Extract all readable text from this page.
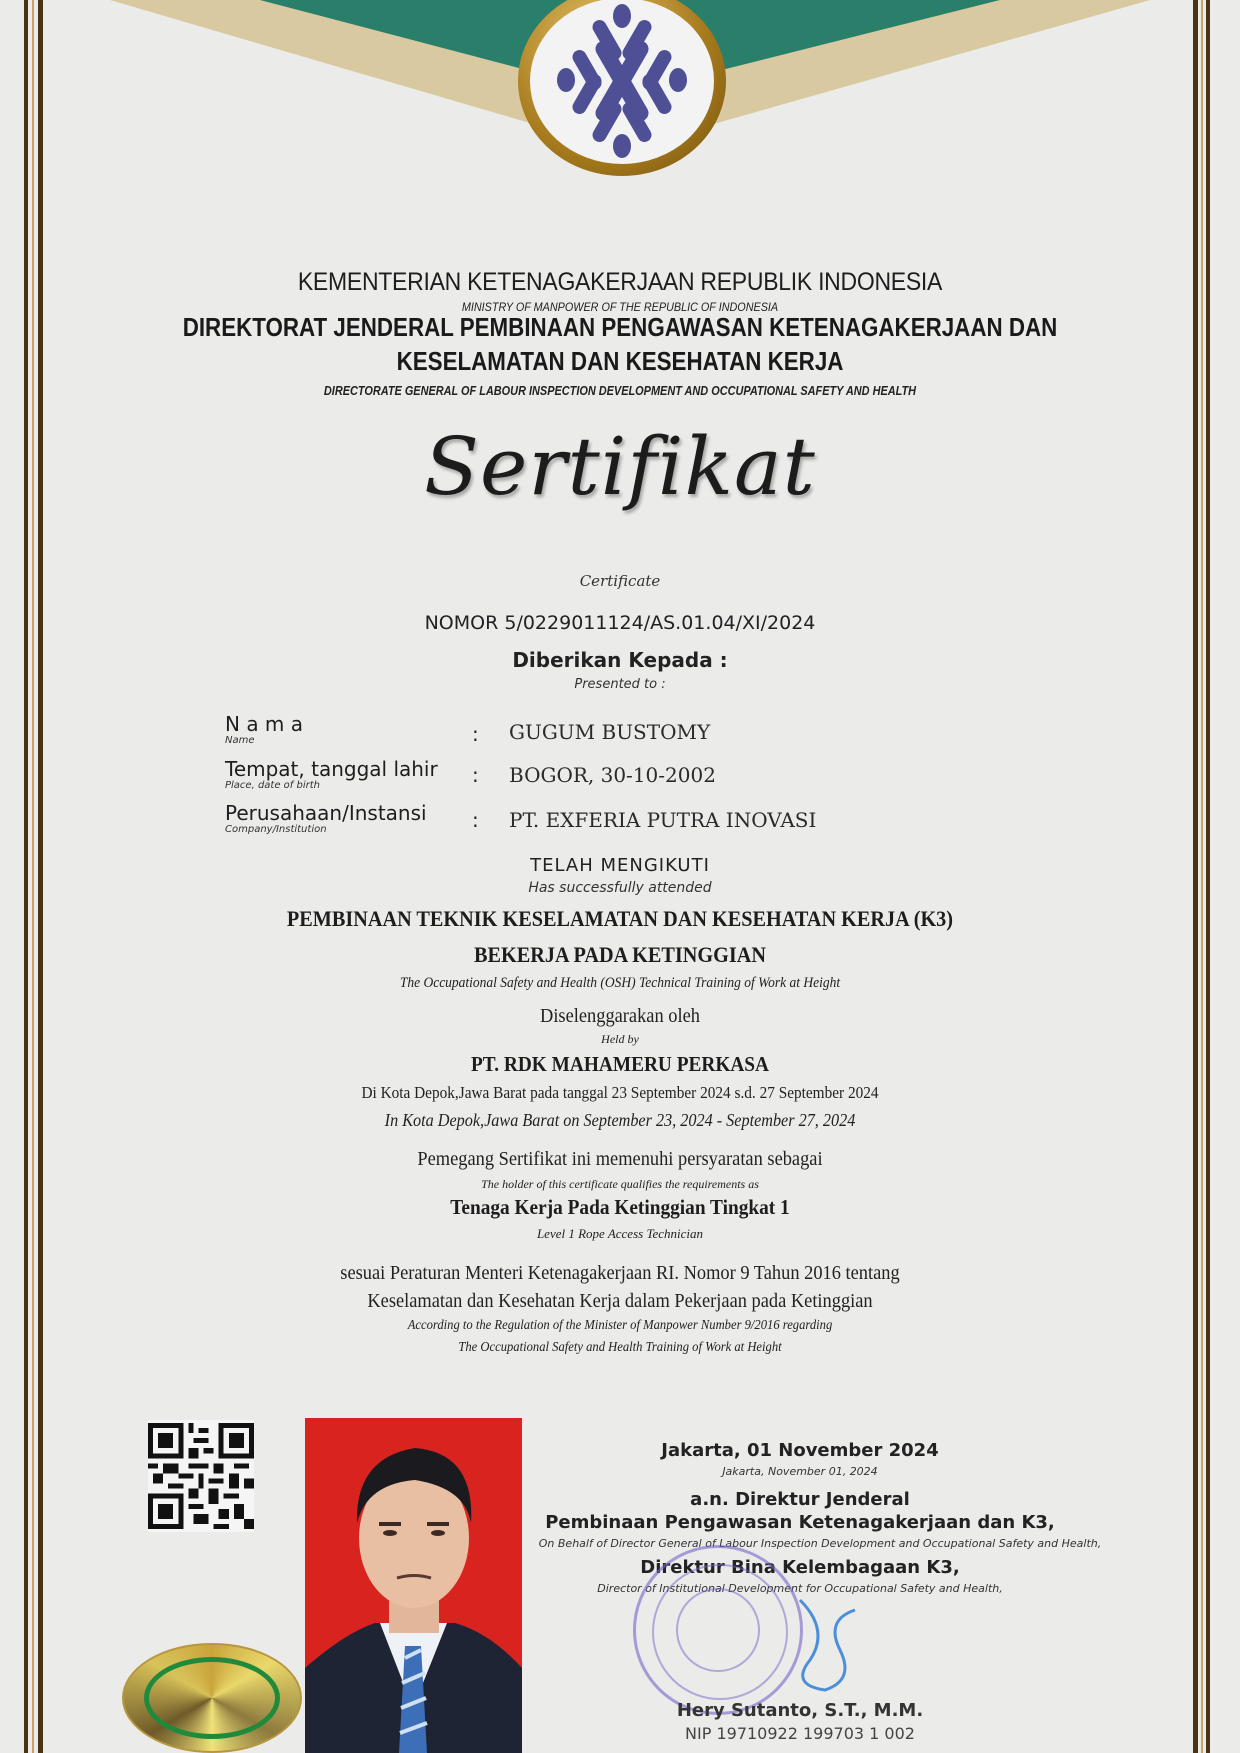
KEMENTERIAN KETENAGAKERJAAN REPUBLIK INDONESIA
MINISTRY OF MANPOWER OF THE REPUBLIC OF INDONESIA
DIREKTORAT JENDERAL PEMBINAAN PENGAWASAN KETENAGAKERJAAN DAN
KESELAMATAN DAN KESEHATAN KERJA
DIRECTORATE GENERAL OF LABOUR INSPECTION DEVELOPMENT AND OCCUPATIONAL SAFETY AND HEALTH
Sertifikat
Certificate
NOMOR 5/0229011124/AS.01.04/XI/2024
Diberikan Kepada :
Presented to :
N a m a
Name	: GUGUM BUSTOMY
Tempat, tanggal lahir
Place, date of birth	: BOGOR, 30-10-2002
Perusahaan/Instansi
Company/Institution	: PT. EXFERIA PUTRA INOVASI
TELAH MENGIKUTI
Has successfully attended
PEMBINAAN TEKNIK KESELAMATAN DAN KESEHATAN KERJA (K3)
BEKERJA PADA KETINGGIAN
The Occupational Safety and Health (OSH) Technical Training of Work at Height
Diselenggarakan oleh
Held by
PT. RDK MAHAMERU PERKASA
Di Kota Depok,Jawa Barat pada tanggal 23 September 2024 s.d. 27 September 2024
In Kota Depok,Jawa Barat on September 23, 2024 - September 27, 2024
Pemegang Sertifikat ini memenuhi persyaratan sebagai
The holder of this certificate qualifies the requirements as
Tenaga Kerja Pada Ketinggian Tingkat 1
Level 1 Rope Access Technician
sesuai Peraturan Menteri Ketenagakerjaan RI. Nomor 9 Tahun 2016 tentang
Keselamatan dan Kesehatan Kerja dalam Pekerjaan pada Ketinggian
According to the Regulation of the Minister of Manpower Number 9/2016 regarding
The Occupational Safety and Health Training of Work at Height
Jakarta, 01 November 2024
Jakarta, November 01, 2024
a.n. Direktur Jenderal
Pembinaan Pengawasan Ketenagakerjaan dan K3,
On Behalf of Director General of Labour Inspection Development and Occupational Safety and Health,
Direktur Bina Kelembagaan K3,
Director of Institutional Development for Occupational Safety and Health,
Hery Sutanto, S.T., M.M.
NIP 19710922 199703 1 002
